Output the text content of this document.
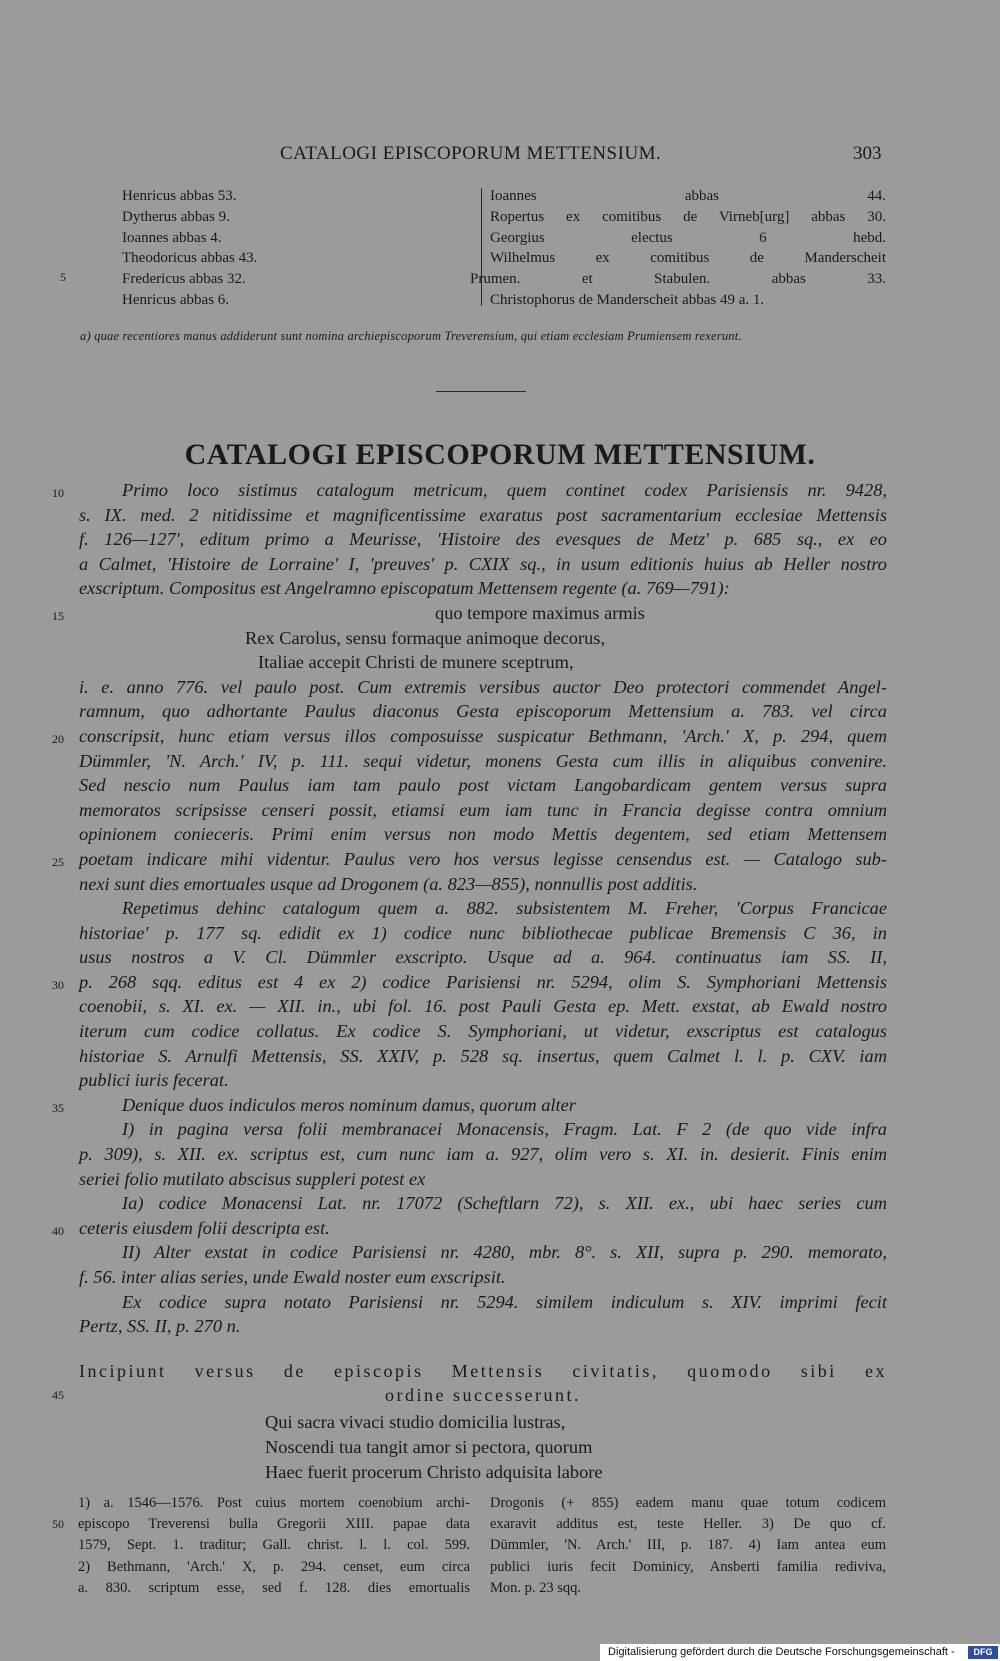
CATALOGI EPISCOPORUM METTENSIUM.	303
Henricus abbas 53.
Dytherus abbas 9.
Ioannes abbas 4.
Theodoricus abbas 43.
Fredericus abbas 32.
Henricus abbas 6.
Ioannes abbas 44.
Ropertus ex comitibus de Virneb[urg] abbas 30.
Georgius electus 6 hebd.
Wilhelmus ex comitibus de Manderscheit
Prumen. et Stabulen. abbas 33.
Christophorus de Manderscheit abbas 49 a. 1.
5
a) quae recentiores manus addiderunt sunt nomina archiepiscoporum Treverensium, qui etiam ecclesiam Prumiensem rexerunt.
CATALOGI EPISCOPORUM METTENSIUM.
10
15
20
25
30
35
40
Primo loco sistimus catalogum metricum, quem continet codex Parisiensis nr. 9428,
s. IX. med. 2 nitidissime et magnificentissime exaratus post sacramentarium ecclesiae Mettensis
f. 126—127', editum primo a Meurisse, 'Histoire des evesques de Metz' p. 685 sq., ex eo
a Calmet, 'Histoire de Lorraine' I, 'preuves' p. CXIX sq., in usum editionis huius ab Heller nostro
exscriptum. Compositus est Angelramno episcopatum Mettensem regente (a. 769—791):
quo tempore maximus armis
Rex Carolus, sensu formaque animoque decorus,
Italiae accepit Christi de munere sceptrum,
i. e. anno 776. vel paulo post. Cum extremis versibus auctor Deo protectori commendet Angel-
ramnum, quo adhortante Paulus diaconus Gesta episcoporum Mettensium a. 783. vel circa
conscripsit, hunc etiam versus illos composuisse suspicatur Bethmann, 'Arch.' X, p. 294, quem
Dümmler, 'N. Arch.' IV, p. 111. sequi videtur, monens Gesta cum illis in aliquibus convenire.
Sed nescio num Paulus iam tam paulo post victam Langobardicam gentem versus supra
memoratos scripsisse censeri possit, etiamsi eum iam tunc in Francia degisse contra omnium
opinionem conieceris. Primi enim versus non modo Mettis degentem, sed etiam Mettensem
poetam indicare mihi videntur. Paulus vero hos versus legisse censendus est. — Catalogo sub-
nexi sunt dies emortuales usque ad Drogonem (a. 823—855), nonnullis post additis.
Repetimus dehinc catalogum quem a. 882. subsistentem M. Freher, 'Corpus Francicae
historiae' p. 177 sq. edidit ex 1) codice nunc bibliothecae publicae Bremensis C 36, in
usus nostros a V. Cl. Dümmler exscripto. Usque ad a. 964. continuatus iam SS. II,
p. 268 sqq. editus est 4 ex 2) codice Parisiensi nr. 5294, olim S. Symphoriani Mettensis
coenobii, s. XI. ex. — XII. in., ubi fol. 16. post Pauli Gesta ep. Mett. exstat, ab Ewald nostro
iterum cum codice collatus. Ex codice S. Symphoriani, ut videtur, exscriptus est catalogus
historiae S. Arnulfi Mettensis, SS. XXIV, p. 528 sq. insertus, quem Calmet l. l. p. CXV. iam
publici iuris fecerat.
Denique duos indiculos meros nominum damus, quorum alter
I) in pagina versa folii membranacei Monacensis, Fragm. Lat. F 2 (de quo vide infra
p. 309), s. XII. ex. scriptus est, cum nunc iam a. 927, olim vero s. XI. in. desierit. Finis enim
seriei folio mutilato abscisus suppleri potest ex
Ia) codice Monacensi Lat. nr. 17072 (Scheftlarn 72), s. XII. ex., ubi haec series cum
ceteris eiusdem folii descripta est.
II) Alter exstat in codice Parisiensi nr. 4280, mbr. 8°. s. XII, supra p. 290. memorato,
f. 56. inter alias series, unde Ewald noster eum exscripsit.
Ex codice supra notato Parisiensi nr. 5294. similem indiculum s. XIV. imprimi fecit
Pertz, SS. II, p. 270 n.
Incipiunt versus de episcopis Mettensis civitatis, quomodo sibi ex
ordine successerunt.
45
Qui sacra vivaci studio domicilia lustras,
Noscendi tua tangit amor si pectora, quorum
Haec fuerit procerum Christo adquisita labore
50
1) a. 1546—1576. Post cuius mortem coenobium archi-
episcopo Treverensi bulla Gregorii XIII. papae data
1579, Sept. 1. traditur; Gall. christ. l. l. col. 599.
2) Bethmann, 'Arch.' X, p. 294. censet, eum circa
a. 830. scriptum esse, sed f. 128. dies emortualis
Drogonis (+ 855) eadem manu quae totum codicem
exaravit additus est, teste Heller. 3) De quo cf.
Dümmler, 'N. Arch.' III, p. 187. 4) Iam antea eum
publici iuris fecit Dominicy, Ansberti familia rediviva,
Mon. p. 23 sqq.
Digitalisierung gefördert durch die Deutsche Forschungsgemeinschaft -	DFG
